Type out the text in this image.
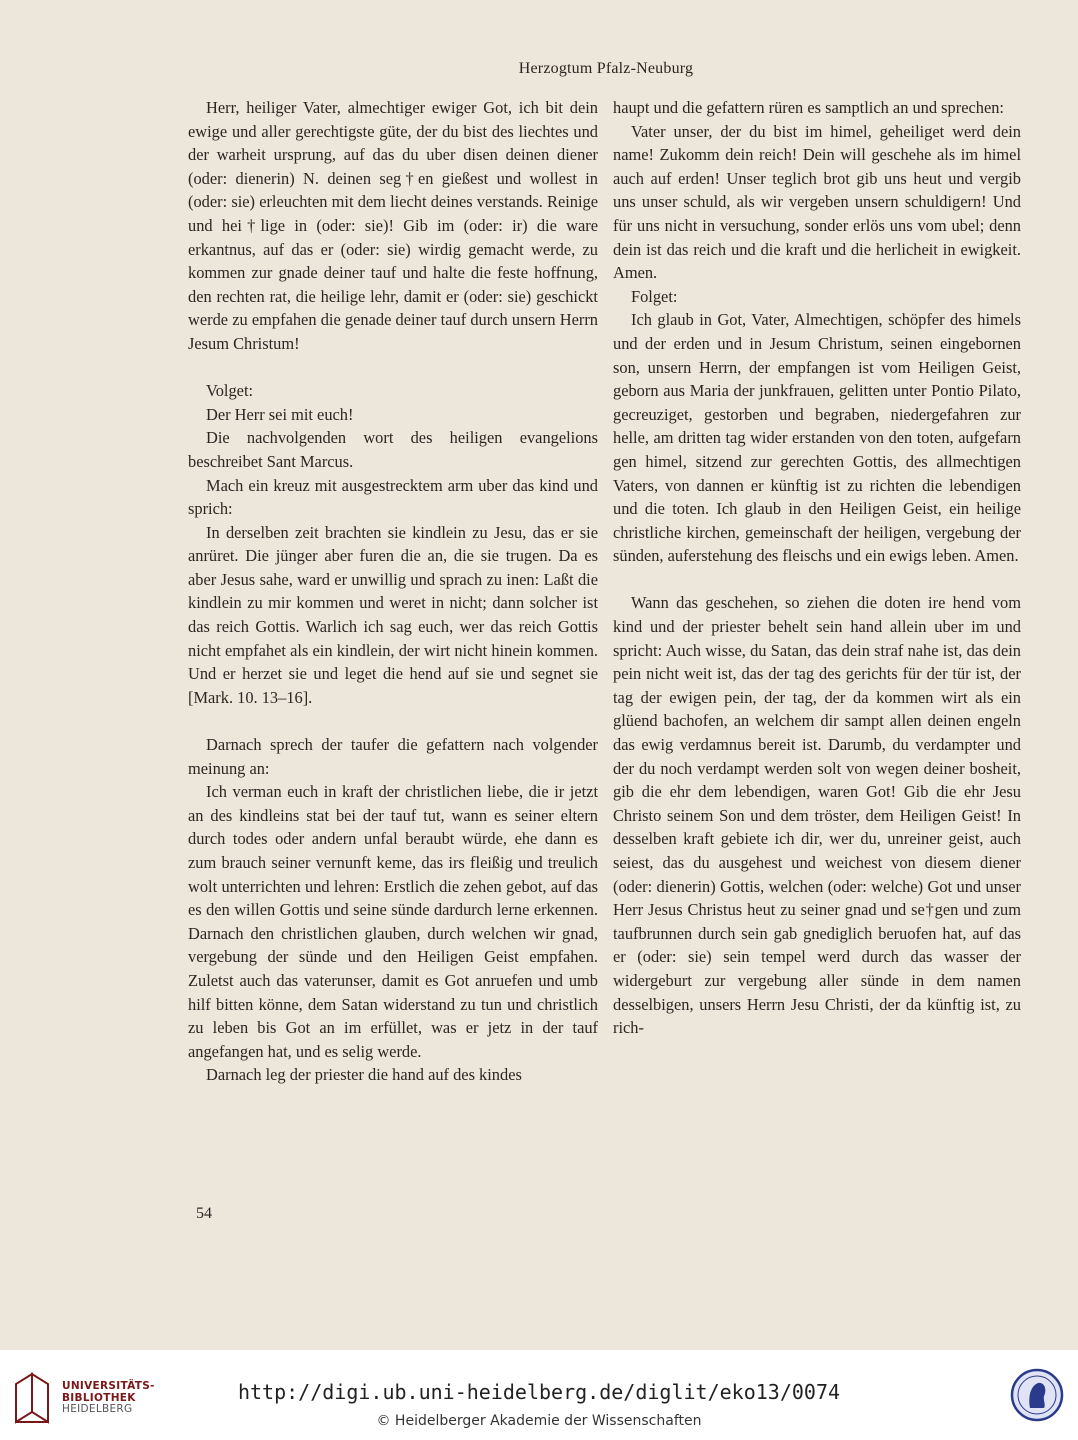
Herzogtum Pfalz-Neuburg

Herr, heiliger Vater, almechtiger ewiger Got, ich bit dein ewige und aller gerechtigste güte, der du bist des liechtes und der warheit ursprung, auf das du uber disen deinen diener (oder: dienerin) N. deinen seg†en gießest und wollest in (oder: sie) erleuchten mit dem liecht deines verstands. Reinige und hei†lige in (oder: sie)! Gib im (oder: ir) die ware erkantnus, auf das er (oder: sie) wirdig gemacht werde, zu kommen zur gnade deiner tauf und halte die feste hoffnung, den rechten rat, die heilige lehr, damit er (oder: sie) geschickt werde zu empfahen die genade deiner tauf durch unsern Herrn Jesum Christum!

Volget:

Der Herr sei mit euch!

Die nachvolgenden wort des heiligen evangelions beschreibet Sant Marcus.

Mach ein kreuz mit ausgestrecktem arm uber das kind und sprich:

In derselben zeit brachten sie kindlein zu Jesu, das er sie anrüret. Die jünger aber furen die an, die sie trugen. Da es aber Jesus sahe, ward er unwillig und sprach zu inen: Laßt die kindlein zu mir kommen und weret in nicht; dann solcher ist das reich Gottis. Warlich ich sag euch, wer das reich Gottis nicht empfahet als ein kindlein, der wirt nicht hinein kommen. Und er herzet sie und leget die hend auf sie und segnet sie [Mark. 10. 13–16].

Darnach sprech der taufer die gefattern nach volgender meinung an:

Ich verman euch in kraft der christlichen liebe, die ir jetzt an des kindleins stat bei der tauf tut, wann es seiner eltern durch todes oder andern unfal beraubt würde, ehe dann es zum brauch seiner vernunft keme, das irs fleißig und treulich wolt unterrichten und lehren: Erstlich die zehen gebot, auf das es den willen Gottis und seine sünde dardurch lerne erkennen. Darnach den christlichen glauben, durch welchen wir gnad, vergebung der sünde und den Heiligen Geist empfahen. Zuletst auch das vaterunser, damit es Got anruefen und umb hilf bitten könne, dem Satan widerstand zu tun und christlich zu leben bis Got an im erfüllet, was er jetz in der tauf angefangen hat, und es selig werde.

Darnach leg der priester die hand auf des kindes

haupt und die gefattern rüren es samptlich an und sprechen:

Vater unser, der du bist im himel, geheiliget werd dein name! Zukomm dein reich! Dein will geschehe als im himel auch auf erden! Unser teglich brot gib uns heut und vergib uns unser schuld, als wir vergeben unsern schuldigern! Und für uns nicht in versuchung, sonder erlös uns vom ubel; denn dein ist das reich und die kraft und die herlicheit in ewigkeit. Amen.

Folget:

Ich glaub in Got, Vater, Almechtigen, schöpfer des himels und der erden und in Jesum Christum, seinen eingebornen son, unsern Herrn, der empfangen ist vom Heiligen Geist, geborn aus Maria der junkfrauen, gelitten unter Pontio Pilato, gecreuziget, gestorben und begraben, niedergefahren zur helle, am dritten tag wider erstanden von den toten, aufgefarn gen himel, sitzend zur gerechten Gottis, des allmechtigen Vaters, von dannen er künftig ist zu richten die lebendigen und die toten. Ich glaub in den Heiligen Geist, ein heilige christliche kirchen, gemeinschaft der heiligen, vergebung der sünden, auferstehung des fleischs und ein ewigs leben. Amen.

Wann das geschehen, so ziehen die doten ire hend vom kind und der priester behelt sein hand allein uber im und spricht: Auch wisse, du Satan, das dein straf nahe ist, das dein pein nicht weit ist, das der tag des gerichts für der tür ist, der tag der ewigen pein, der tag, der da kommen wirt als ein glüend bachofen, an welchem dir sampt allen deinen engeln das ewig verdamnus bereit ist. Darumb, du verdampter und der du noch verdampt werden solt von wegen deiner bosheit, gib die ehr dem lebendigen, waren Got! Gib die ehr Jesu Christo seinem Son und dem tröster, dem Heiligen Geist! In desselben kraft gebiete ich dir, wer du, unreiner geist, auch seiest, das du ausgehest und weichest von diesem diener (oder: dienerin) Gottis, welchen (oder: welche) Got und unser Herr Jesus Christus heut zu seiner gnad und se†gen und zum taufbrunnen durch sein gab gnediglich beruofen hat, auf das er (oder: sie) sein tempel werd durch das wasser der widergeburt zur vergebung aller sünde in dem namen desselbigen, unsers Herrn Jesu Christi, der da künftig ist, zu rich-

54
UNIVERSITÄTS-
BIBLIOTHEK
HEIDELBERG
http://digi.ub.uni-heidelberg.de/diglit/eko13/0074
© Heidelberger Akademie der Wissenschaften
